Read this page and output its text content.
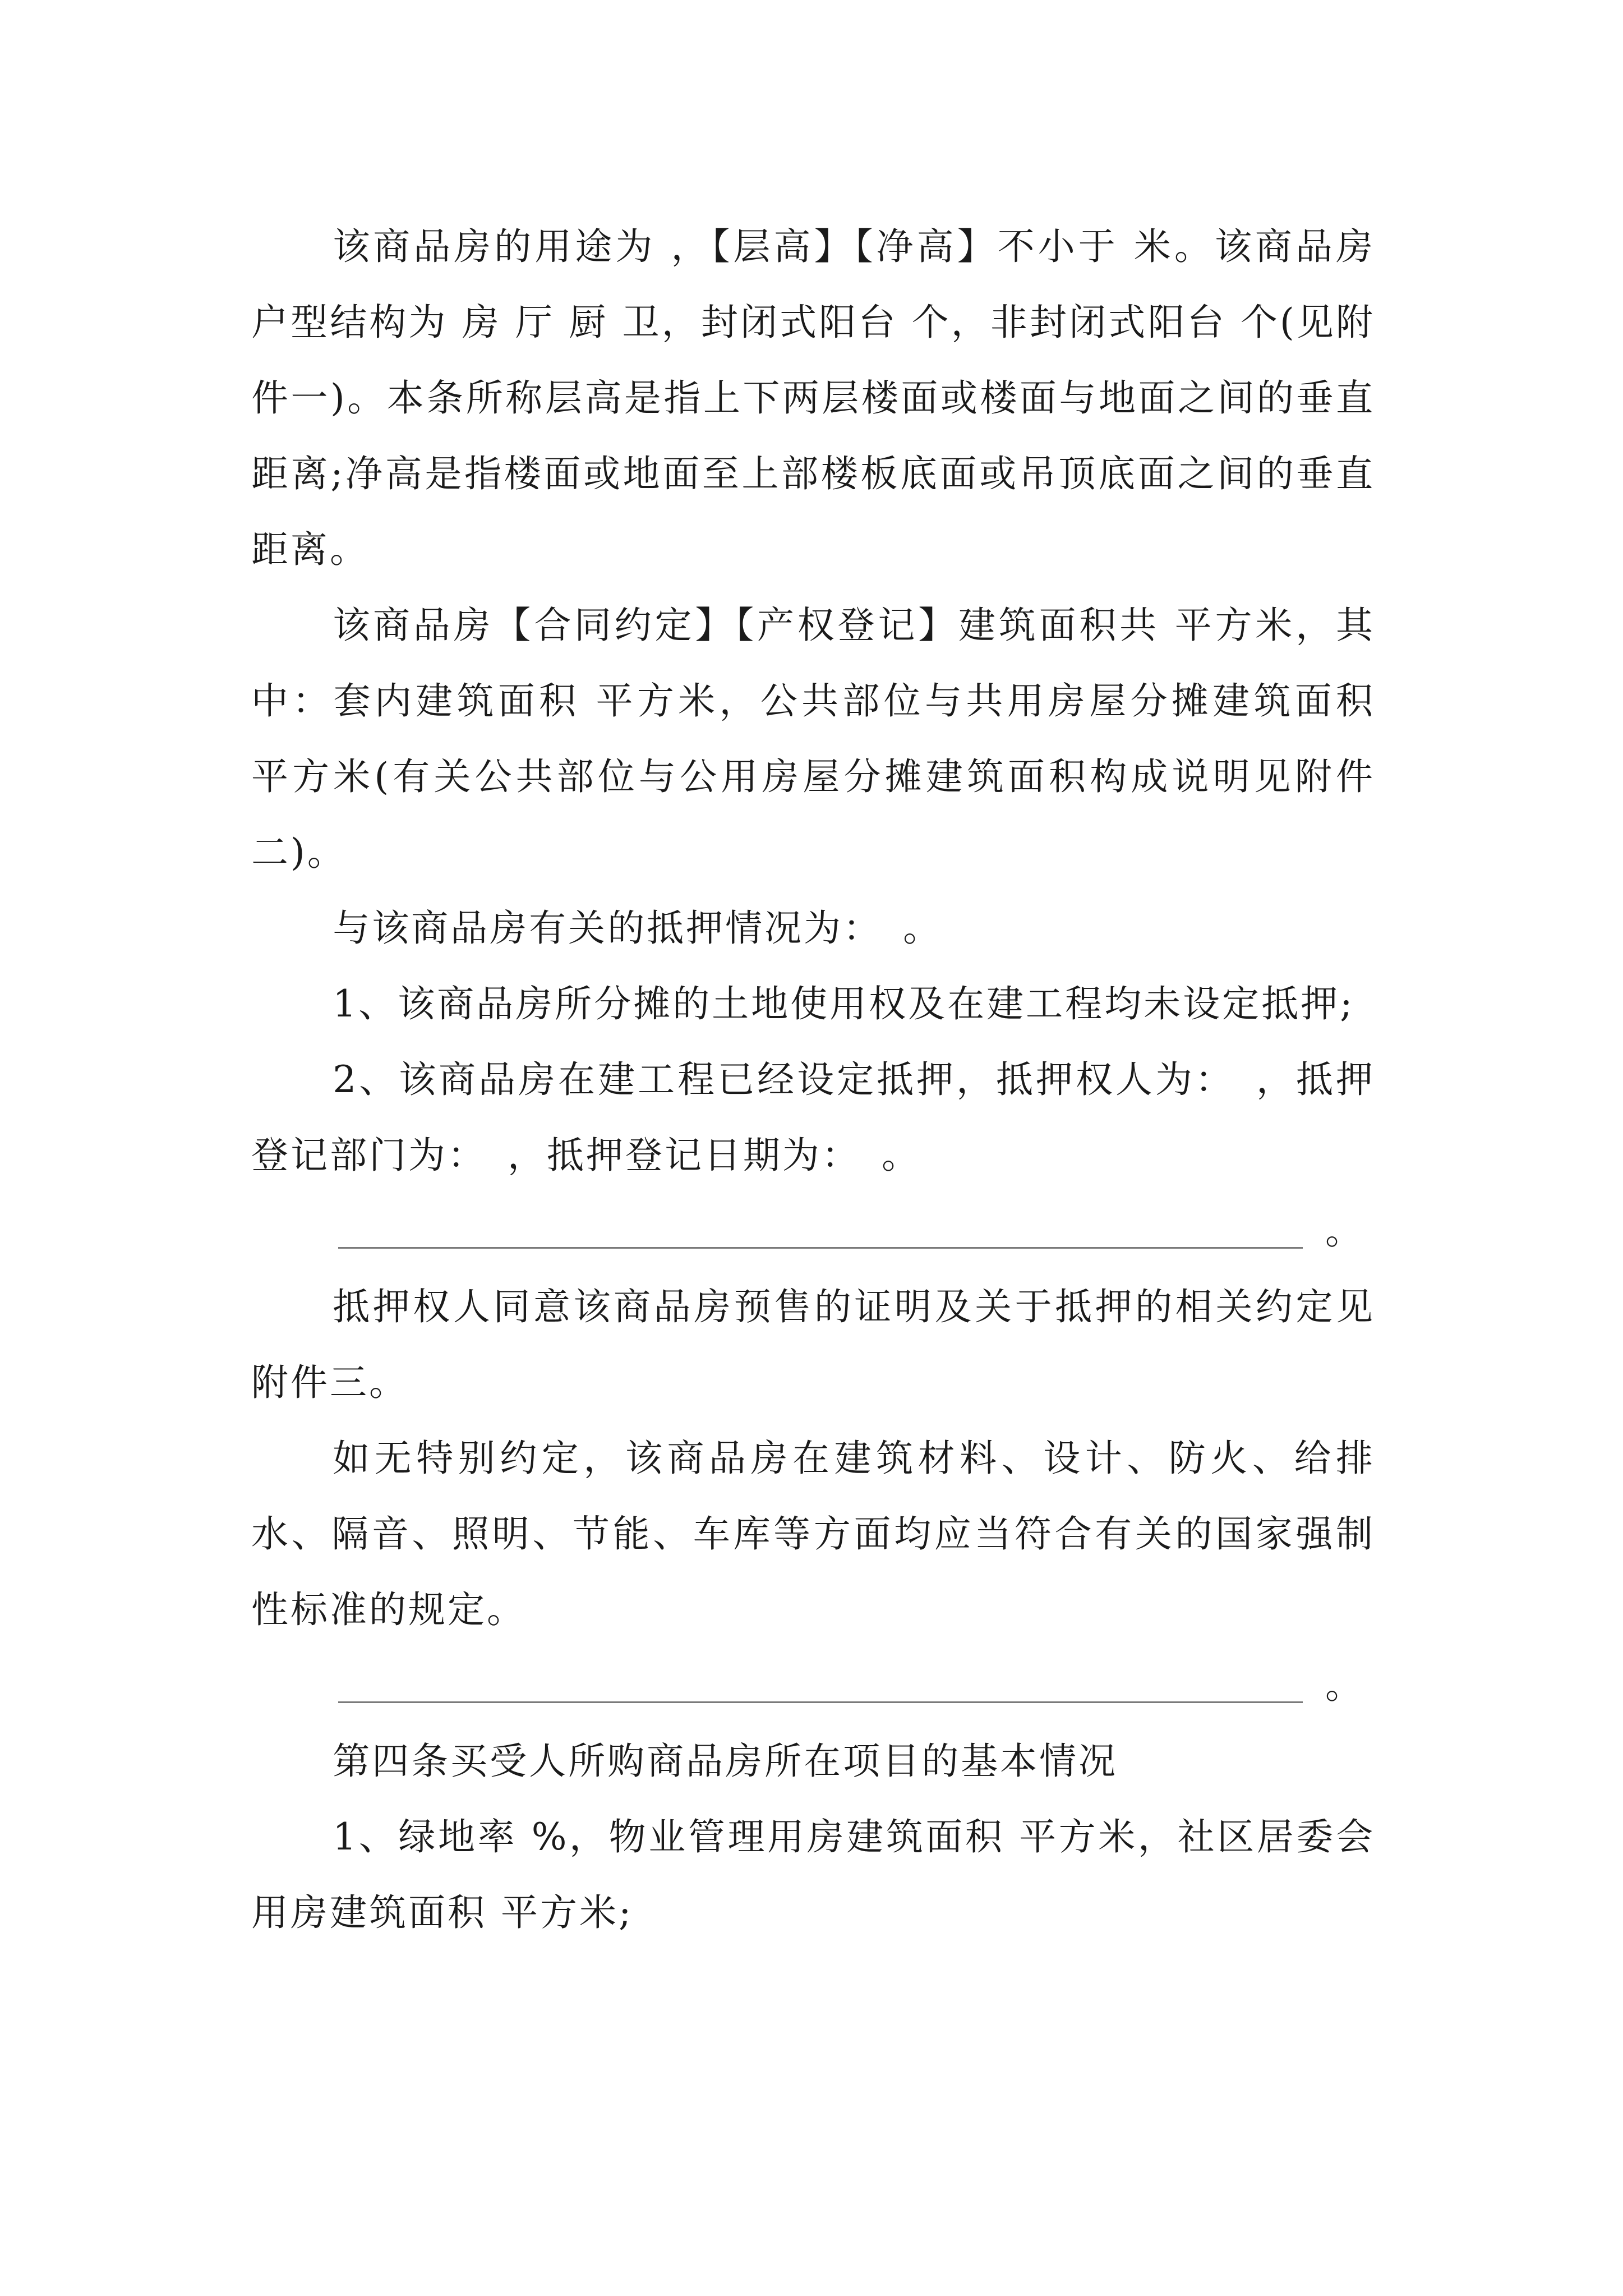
该商品房的用途为 ，【层高】【净高】不小于 米。该商品房户型结构为 房 厅 厨 卫，封闭式阳台 个，非封闭式阳台 个(见附件一)。本条所称层高是指上下两层楼面或楼面与地面之间的垂直距离;净高是指楼面或地面至上部楼板底面或吊顶底面之间的垂直距离。

该商品房【合同约定】【产权登记】建筑面积共 平方米，其中：套内建筑面积 平方米，公共部位与共用房屋分摊建筑面积 平方米(有关公共部位与公用房屋分摊建筑面积构成说明见附件二)。

与该商品房有关的抵押情况为：　。

1、该商品房所分摊的土地使用权及在建工程均未设定抵押;

2、该商品房在建工程已经设定抵押，抵押权人为：　，抵押登记部门为：　，抵押登记日期为：　。

。

抵押权人同意该商品房预售的证明及关于抵押的相关约定见附件三。

如无特别约定，该商品房在建筑材料、设计、防火、给排水、隔音、照明、节能、车库等方面均应当符合有关的国家强制性标准的规定。

。

第四条买受人所购商品房所在项目的基本情况

1、绿地率 %，物业管理用房建筑面积 平方米，社区居委会用房建筑面积 平方米;
